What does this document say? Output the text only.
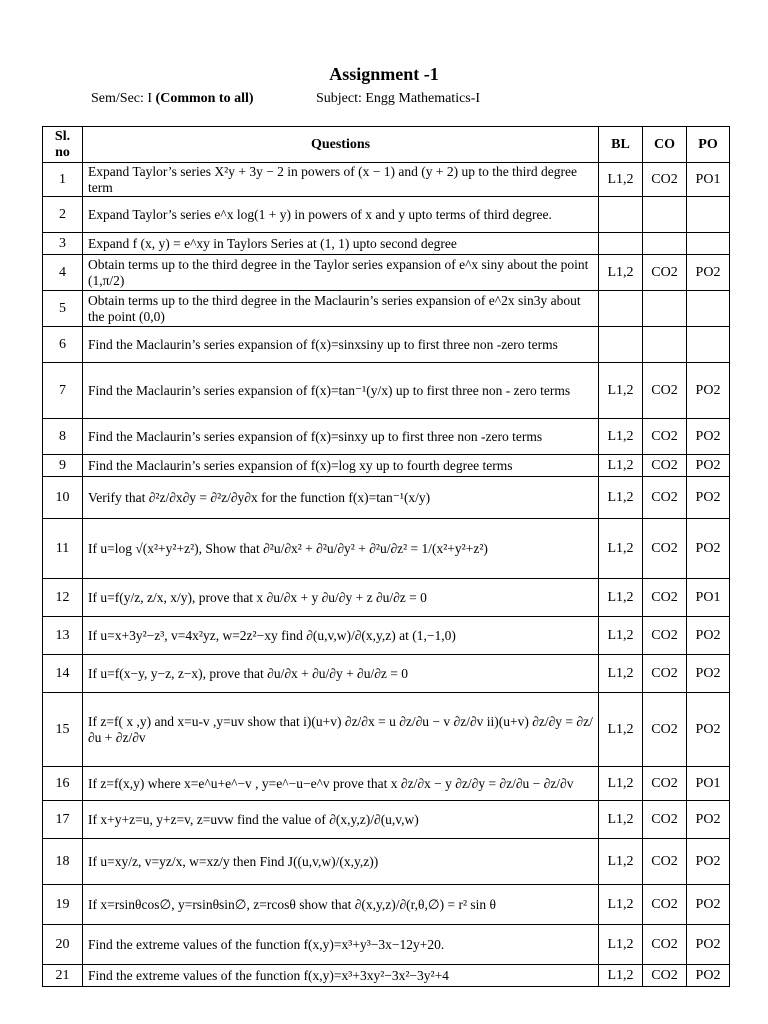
Assignment -1
Sem/Sec: I (Common to all)	Subject: Engg Mathematics-I
Sl. no	Questions	BL	CO	PO
1	Expand Taylor’s series X²y + 3y − 2 in powers of (x − 1) and (y + 2) up to the third degree term	L1,2	CO2	PO1
2	Expand Taylor’s series e^x log(1 + y) in powers of x and y upto terms of third degree.			
3	Expand f (x, y) = e^xy in Taylors Series at (1, 1) upto second degree			
4	Obtain terms up to the third degree in the Taylor series expansion of e^x siny about the point (1,π/2)	L1,2	CO2	PO2
5	Obtain terms up to the third degree in the Maclaurin’s series expansion of e^2x sin3y about the point (0,0)			
6	Find the Maclaurin’s series expansion of f(x)=sinxsiny up to first three non -zero terms			
7	Find the Maclaurin’s series expansion of f(x)=tan⁻¹(y/x) up to first three non - zero terms	L1,2	CO2	PO2
8	Find the Maclaurin’s series expansion of f(x)=sinxy up to first three non -zero terms	L1,2	CO2	PO2
9	Find the Maclaurin’s series expansion of f(x)=log xy up to fourth degree terms	L1,2	CO2	PO2
10	Verify that ∂²z/∂x∂y = ∂²z/∂y∂x for the function f(x)=tan⁻¹(x/y)	L1,2	CO2	PO2
11	If u=log √(x²+y²+z²), Show that ∂²u/∂x² + ∂²u/∂y² + ∂²u/∂z² = 1/(x²+y²+z²)	L1,2	CO2	PO2
12	If u=f(y/z, z/x, x/y), prove that x ∂u/∂x + y ∂u/∂y + z ∂u/∂z = 0	L1,2	CO2	PO1
13	If u=x+3y²−z³, v=4x²yz, w=2z²−xy find ∂(u,v,w)/∂(x,y,z) at (1,−1,0)	L1,2	CO2	PO2
14	If u=f(x−y, y−z, z−x), prove that ∂u/∂x + ∂u/∂y + ∂u/∂z = 0	L1,2	CO2	PO2
15	If z=f( x ,y) and x=u-v ,y=uv show that i)(u+v) ∂z/∂x = u ∂z/∂u − v ∂z/∂v ii)(u+v) ∂z/∂y = ∂z/∂u + ∂z/∂v	L1,2	CO2	PO2
16	If z=f(x,y) where x=e^u+e^−v , y=e^−u−e^v prove that x ∂z/∂x − y ∂z/∂y = ∂z/∂u − ∂z/∂v	L1,2	CO2	PO1
17	If x+y+z=u, y+z=v, z=uvw find the value of ∂(x,y,z)/∂(u,v,w)	L1,2	CO2	PO2
18	If u=xy/z, v=yz/x, w=xz/y then Find J((u,v,w)/(x,y,z))	L1,2	CO2	PO2
19	If x=rsinθcos∅, y=rsinθsin∅, z=rcosθ show that ∂(x,y,z)/∂(r,θ,∅) = r² sin θ	L1,2	CO2	PO2
20	Find the extreme values of the function f(x,y)=x³+y³−3x−12y+20.	L1,2	CO2	PO2
21	Find the extreme values of the function f(x,y)=x³+3xy²−3x²−3y²+4	L1,2	CO2	PO2
